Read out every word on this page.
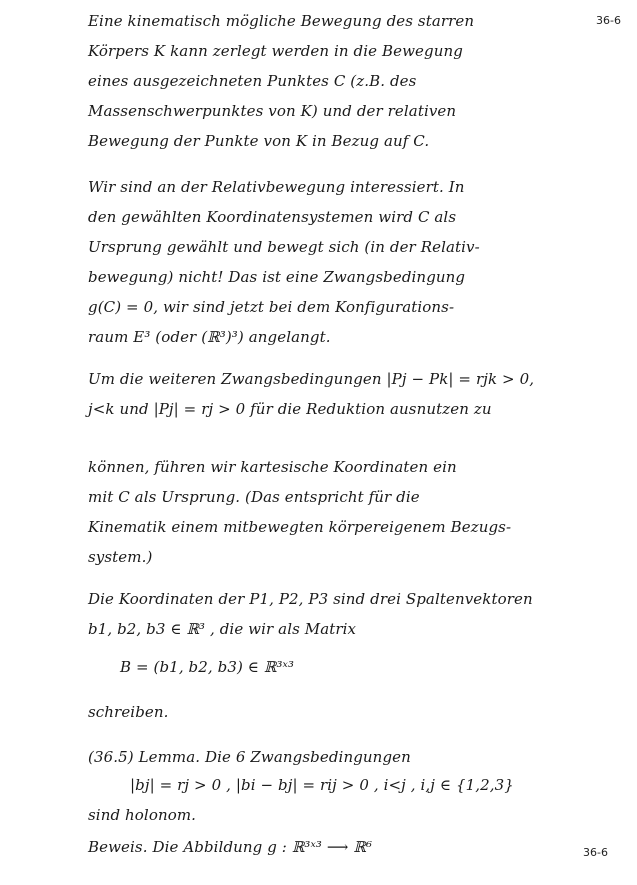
36-6
Eine kinematisch mögliche Bewegung des starren
Körpers K kann zerlegt werden in die Bewegung
eines ausgezeichneten Punktes C (z.B. des
Massenschwerpunktes von K) und der relativen
Bewegung der Punkte von K in Bezug auf C.
Wir sind an der Relativbewegung interessiert. In
den gewählten Koordinatensystemen wird C als
Ursprung gewählt und bewegt sich (in der Relativ-
bewegung) nicht! Das ist eine Zwangsbedingung
g(C) = 0, wir sind jetzt bei dem Konfigurations-
raum E³ (oder (ℝ³)³) angelangt.
Um die weiteren Zwangsbedingungen |Pj − Pk| = rjk > 0,
j<k und |Pj| = rj > 0 für die Reduktion ausnutzen zu
können, führen wir kartesische Koordinaten ein
mit C als Ursprung. (Das entspricht für die
Kinematik einem mitbewegten körpereigenem Bezugs-
system.)
Die Koordinaten der P1, P2, P3 sind drei Spaltenvektoren
b1, b2, b3 ∈ ℝ³ , die wir als Matrix
B = (b1, b2, b3) ∈ ℝ³ˣ³
schreiben.
(36.5) Lemma. Die 6 Zwangsbedingungen
|bj| = rj > 0 , |bi − bj| = rij > 0 , i<j , i,j ∈ {1,2,3}
sind holonom.
Beweis. Die Abbildung g : ℝ³ˣ³ ⟶ ℝ⁶	36-6
